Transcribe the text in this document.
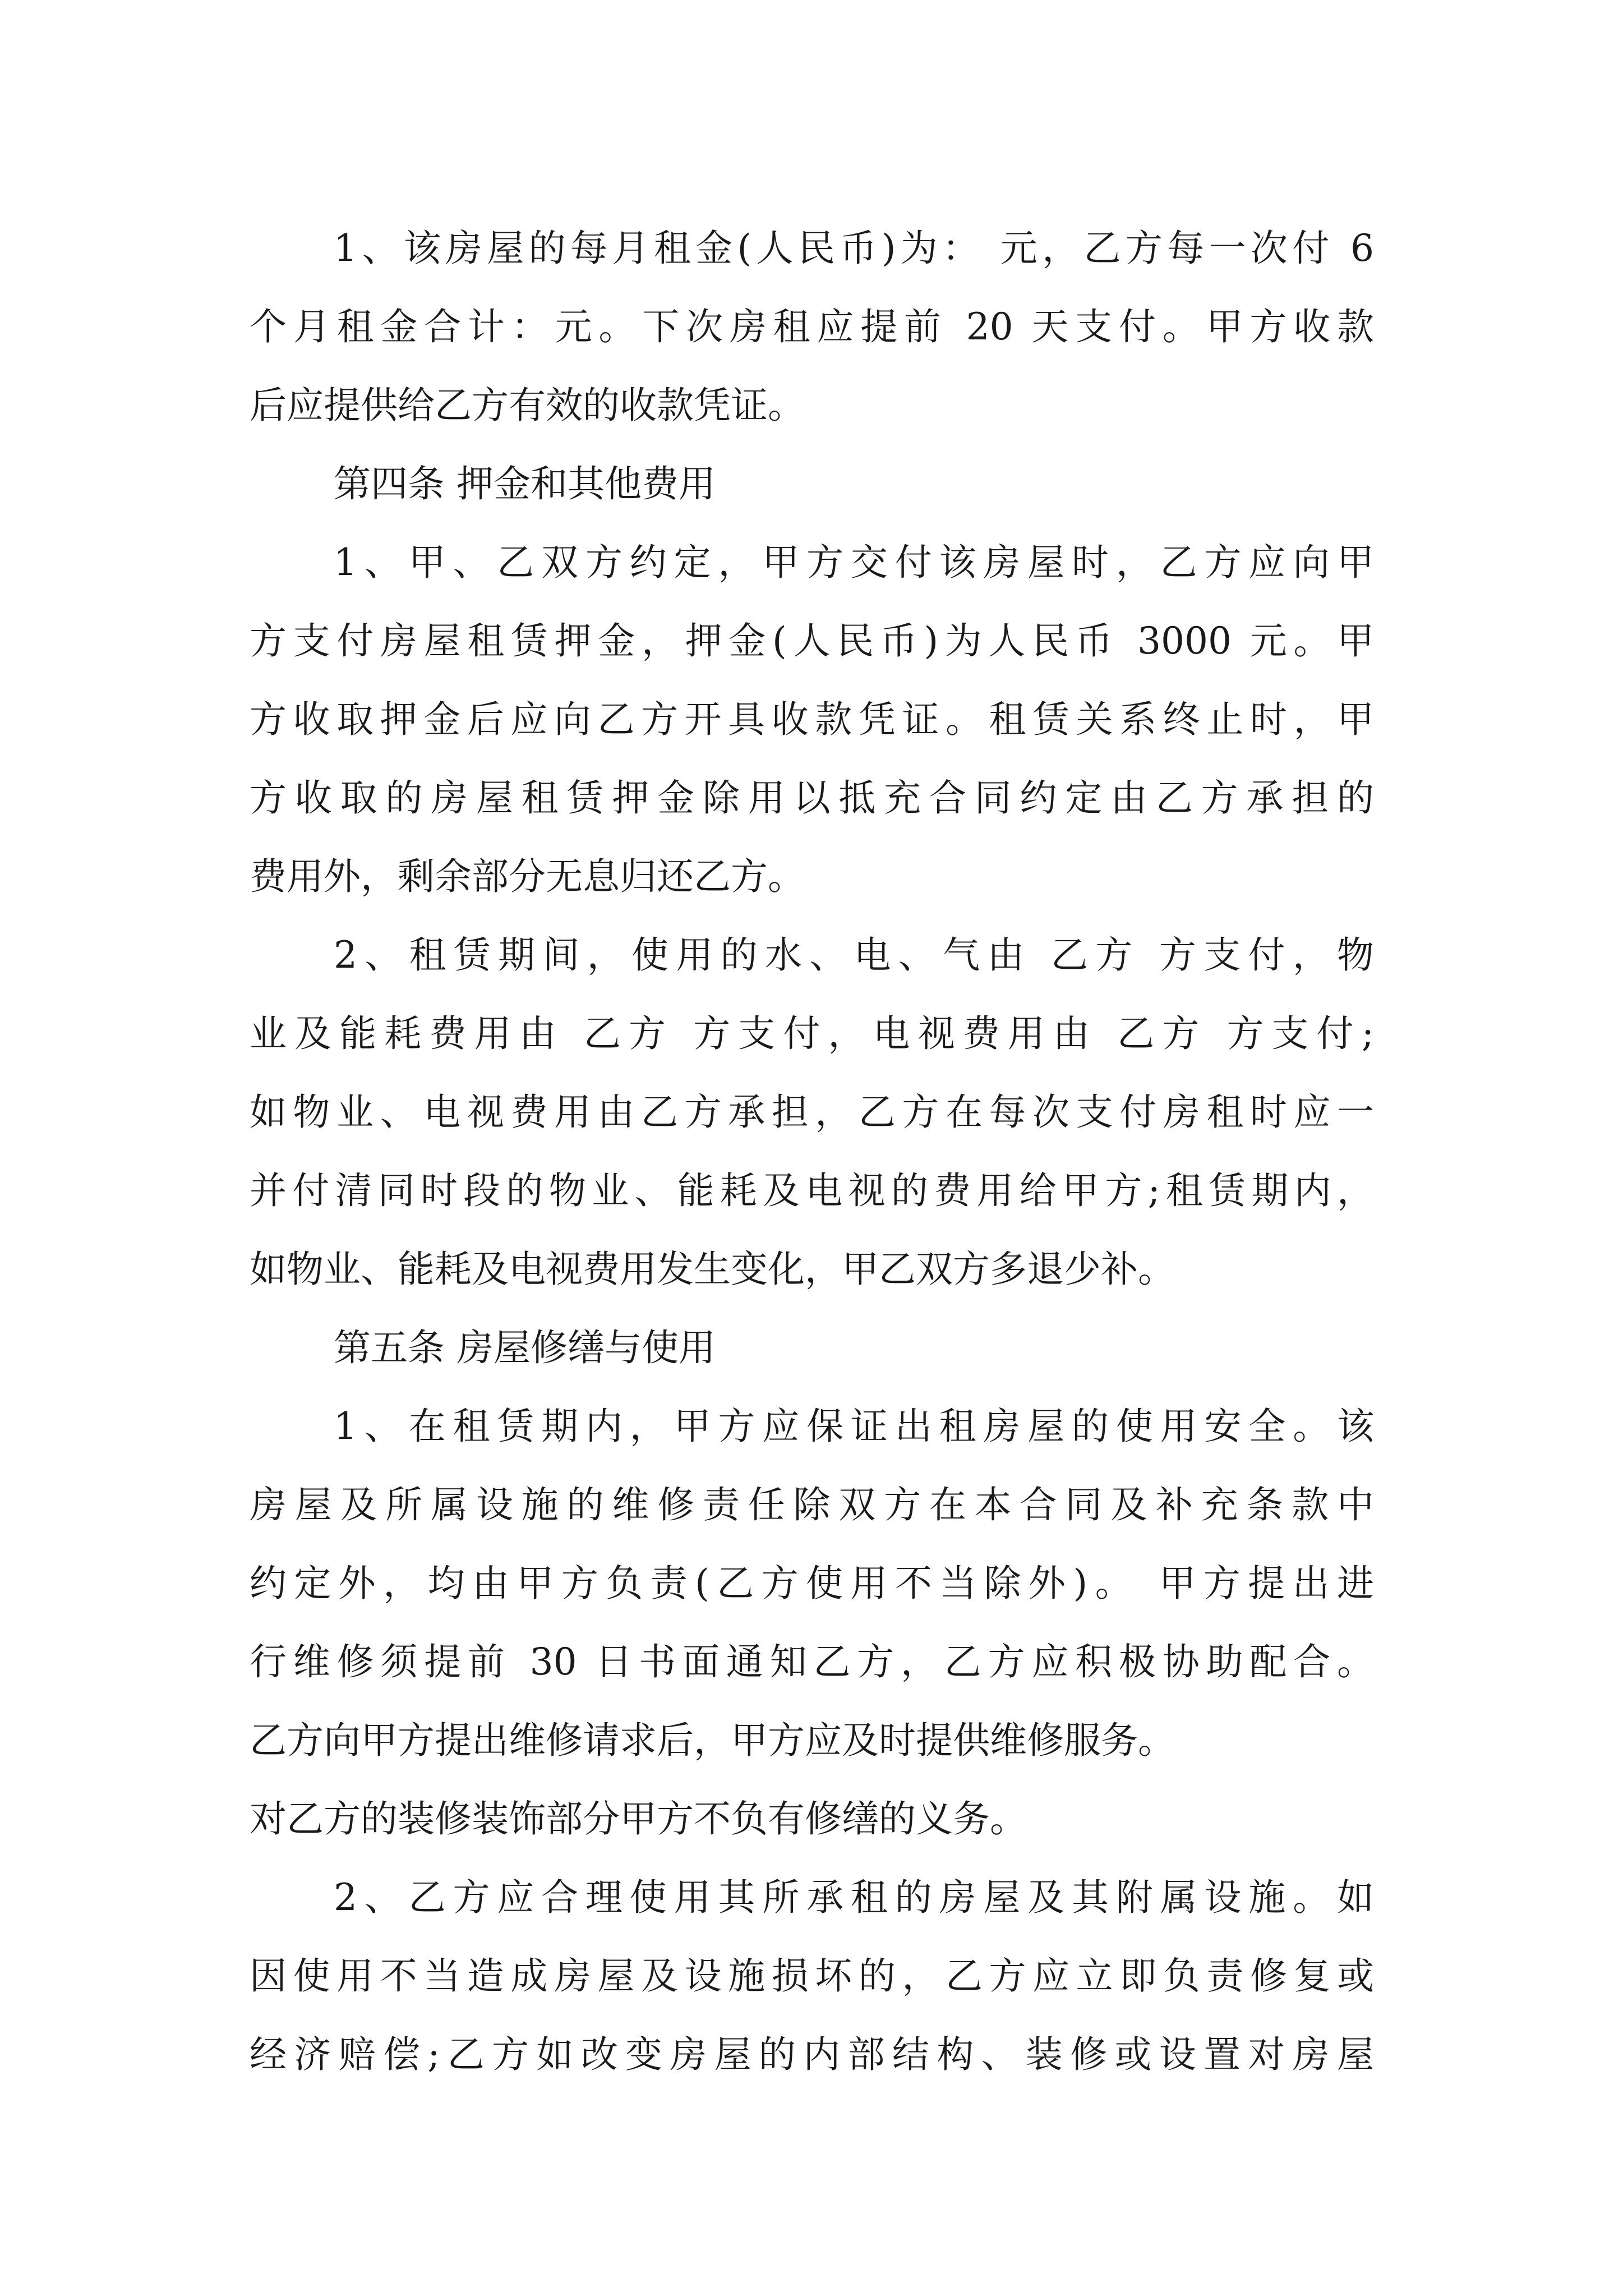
1、该房屋的每月租金(人民币)为： 元，乙方每一次付 6
个月租金合计：元。下次房租应提前 20 天支付。甲方收款
后应提供给乙方有效的收款凭证。
第四条 押金和其他费用
1、甲、乙双方约定，甲方交付该房屋时，乙方应向甲
方支付房屋租赁押金，押金(人民币)为人民币 3000 元。甲
方收取押金后应向乙方开具收款凭证。租赁关系终止时，甲
方收取的房屋租赁押金除用以抵充合同约定由乙方承担的
费用外，剩余部分无息归还乙方。
2、租赁期间，使用的水、电、气由 乙方 方支付，物
业及能耗费用由 乙方 方支付，电视费用由 乙方 方支付;
如物业、电视费用由乙方承担，乙方在每次支付房租时应一
并付清同时段的物业、能耗及电视的费用给甲方;租赁期内，
如物业、能耗及电视费用发生变化，甲乙双方多退少补。
第五条 房屋修缮与使用
1、在租赁期内，甲方应保证出租房屋的使用安全。该
房屋及所属设施的维修责任除双方在本合同及补充条款中
约定外，均由甲方负责(乙方使用不当除外)。 甲方提出进
行维修须提前 30 日书面通知乙方，乙方应积极协助配合。
乙方向甲方提出维修请求后，甲方应及时提供维修服务。
对乙方的装修装饰部分甲方不负有修缮的义务。
2、乙方应合理使用其所承租的房屋及其附属设施。如
因使用不当造成房屋及设施损坏的，乙方应立即负责修复或
经济赔偿;乙方如改变房屋的内部结构、装修或设置对房屋
